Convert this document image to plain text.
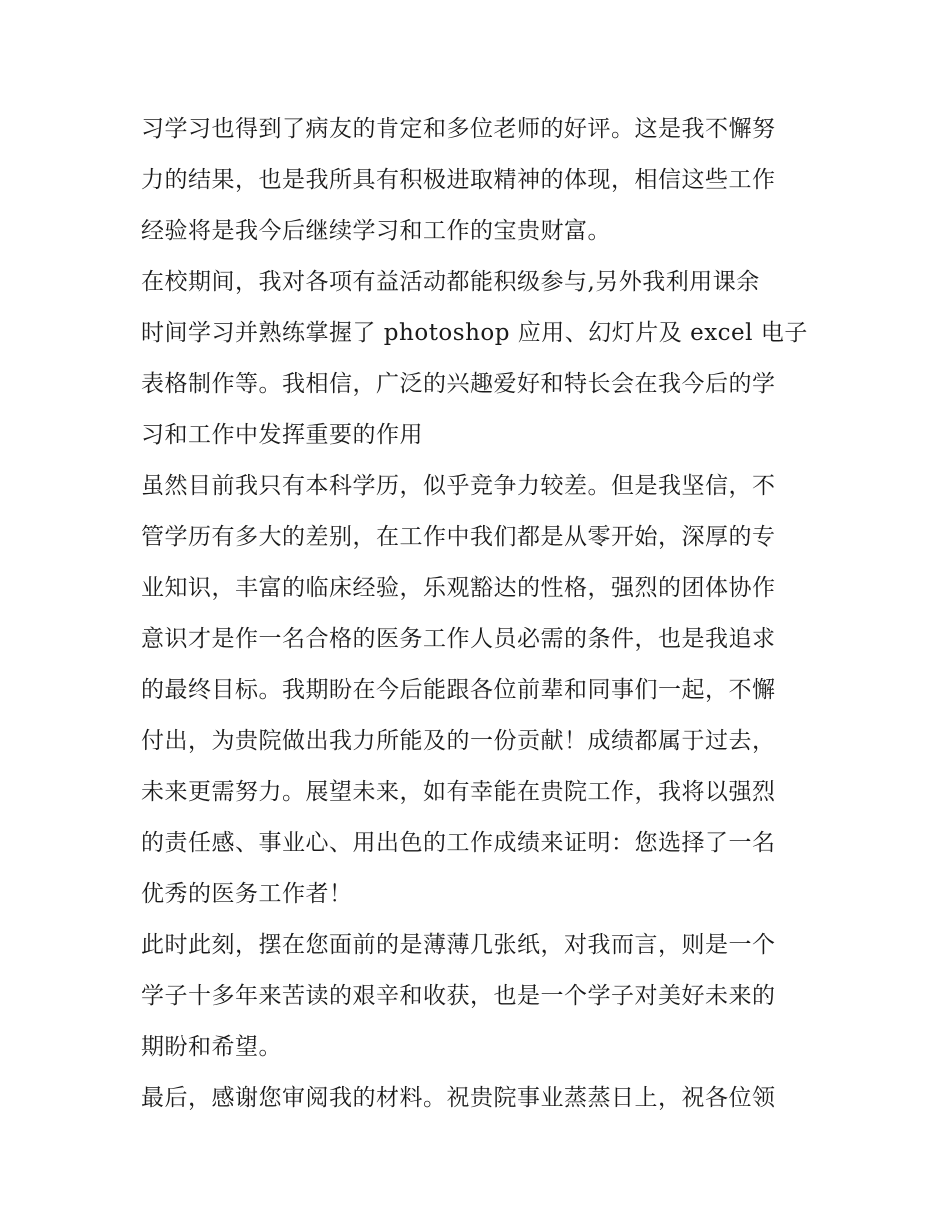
习学习也得到了病友的肯定和多位老师的好评。这是我不懈努
力的结果，也是我所具有积极进取精神的体现，相信这些工作
经验将是我今后继续学习和工作的宝贵财富。

在校期间，我对各项有益活动都能积级参与,另外我利用课余
时间学习并熟练掌握了 photoshop 应用、幻灯片及 excel 电子
表格制作等。我相信，广泛的兴趣爱好和特长会在我今后的学
习和工作中发挥重要的作用

虽然目前我只有本科学历，似乎竞争力较差。但是我坚信，不
管学历有多大的差别，在工作中我们都是从零开始，深厚的专
业知识，丰富的临床经验，乐观豁达的性格，强烈的团体协作
意识才是作一名合格的医务工作人员必需的条件，也是我追求
的最终目标。我期盼在今后能跟各位前辈和同事们一起，不懈
付出，为贵院做出我力所能及的一份贡献！成绩都属于过去，
未来更需努力。展望未来，如有幸能在贵院工作，我将以强烈
的责任感、事业心、用出色的工作成绩来证明：您选择了一名
优秀的医务工作者！

此时此刻，摆在您面前的是薄薄几张纸，对我而言，则是一个
学子十多年来苦读的艰辛和收获，也是一个学子对美好未来的
期盼和希望。

最后，感谢您审阅我的材料。祝贵院事业蒸蒸日上，祝各位领
